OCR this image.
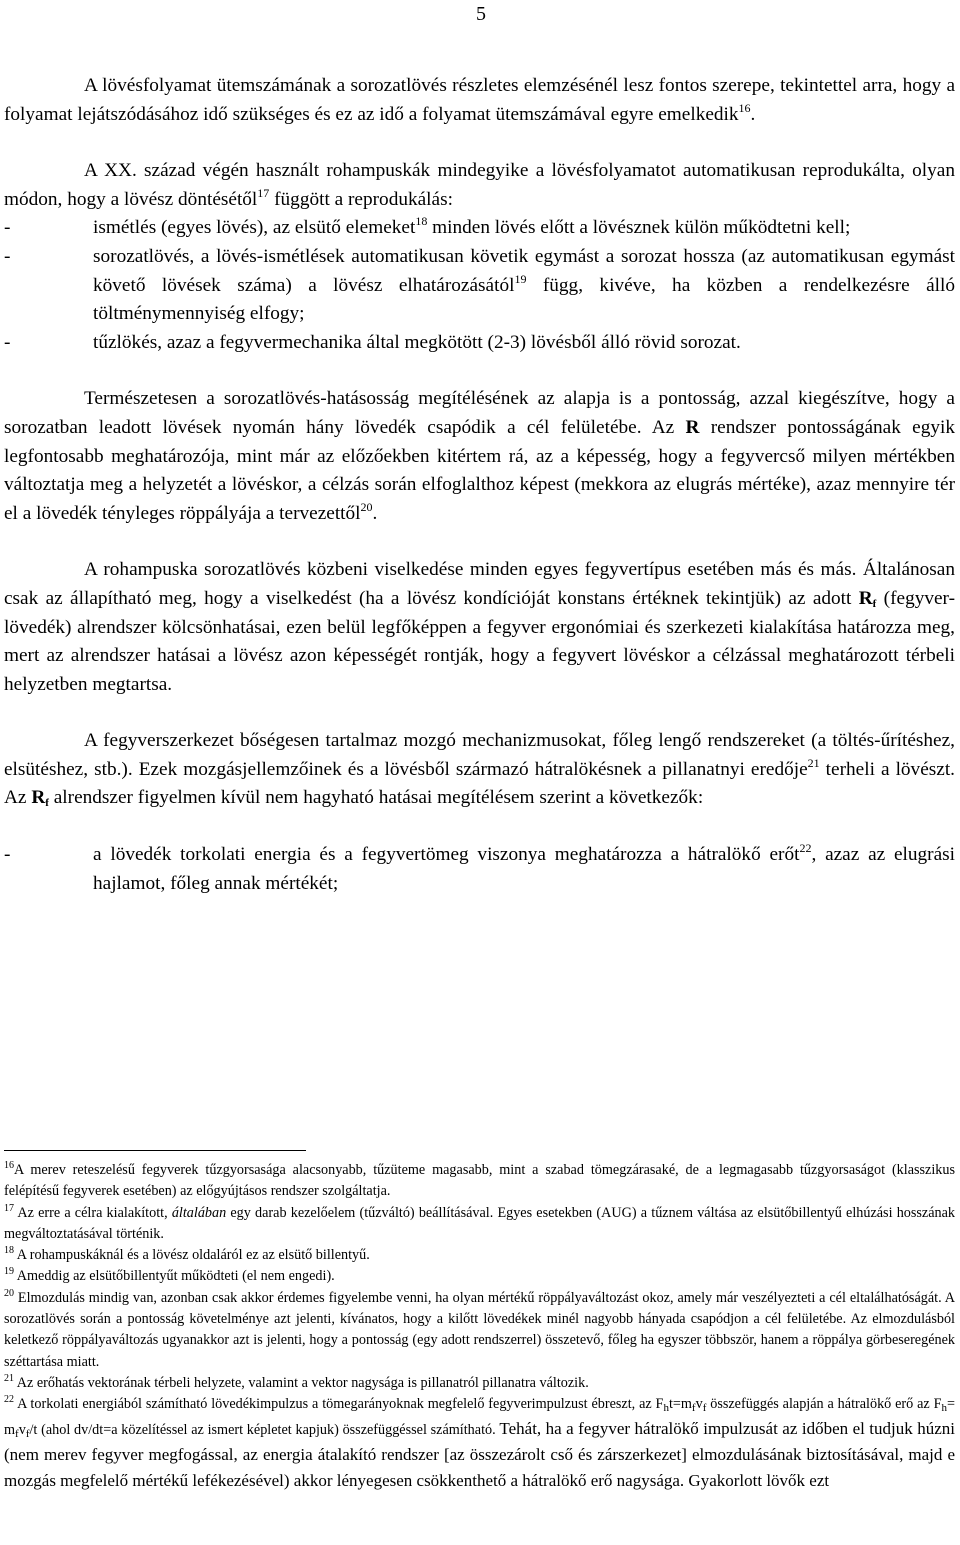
5

A lövésfolyamat ütemszámának a sorozatlövés részletes elemzésénél lesz fontos szerepe, tekintettel arra, hogy a folyamat lejátszódásához idő szükséges és ez az idő a folyamat ütemszámával egyre emelkedik$^{16}$.

A XX. század végén használt rohampuskák mindegyike a lövésfolyamatot automatikusan reprodukálta, olyan módon, hogy a lövész döntésétől$^{17}$ függött a reprodukálás:

-	ismétlés (egyes lövés), az elsütő elemeket$^{18}$ minden lövés előtt a lövésznek külön működtetni kell;
-	sorozatlövés, a lövés-ismétlések automatikusan követik egymást a sorozat hossza (az automatikusan egymást követő lövések száma) a lövész elhatározásától$^{19}$ függ, kivéve, ha közben a rendelkezésre álló töltménymennyiség elfogy;
-	tűzlökés, azaz a fegyvermechanika által megkötött (2-3) lövésből álló rövid sorozat.

Természetesen a sorozatlövés-hatásosság megítélésének az alapja is a pontosság, azzal kiegészítve, hogy a sorozatban leadott lövések nyomán hány lövedék csapódik a cél felületébe. Az R rendszer pontosságának egyik legfontosabb meghatározója, mint már az előzőekben kitértem rá, az a képesség, hogy a fegyvercső milyen mértékben változtatja meg a helyzetét a lövéskor, a célzás során elfoglalthoz képest (mekkora az elugrás mértéke), azaz mennyire tér el a lövedék tényleges röppályája a tervezettől$^{20}$.

A rohampuska sorozatlövés közbeni viselkedése minden egyes fegyvertípus esetében más és más. Általánosan csak az állapítható meg, hogy a viselkedést (ha a lövész kondícióját konstans értéknek tekintjük) az adott $R_f$ (fegyver-lövedék) alrendszer kölcsönhatásai, ezen belül legfőképpen a fegyver ergonómiai és szerkezeti kialakítása határozza meg, mert az alrendszer hatásai a lövész azon képességét rontják, hogy a fegyvert lövéskor a célzással meghatározott térbeli helyzetben megtartsa.

A fegyverszerkezet bőségesen tartalmaz mozgó mechanizmusokat, főleg lengő rendszereket (a töltés-űrítéshez, elsütéshez, stb.). Ezek mozgásjellemzőinek és a lövésből származó hátralökésnek a pillanatnyi eredője$^{21}$ terheli a lövészt. Az $R_f$ alrendszer figyelmen kívül nem hagyható hatásai megítélésem szerint a következők:

-	a lövedék torkolati energia és a fegyvertömeg viszonya meghatározza a hátralökő erőt$^{22}$, azaz az elugrási hajlamot, főleg annak mértékét;

$^{16}$A merev reteszelésű fegyverek tűzgyorsasága alacsonyabb, tűzüteme magasabb, mint a szabad tömegzárasaké, de a legmagasabb tűzgyorsaságot (klasszikus felépítésű fegyverek esetében) az előgyújtásos rendszer szolgáltatja.

$^{17}$ Az erre a célra kialakított, általában egy darab kezelőelem (tűzváltó) beállításával. Egyes esetekben (AUG) a tűznem váltása az elsütőbillentyű elhúzási hosszának megváltoztatásával történik.

$^{18}$ A rohampuskáknál és a lövész oldaláról ez az elsütő billentyű.

$^{19}$ Ameddig az elsütőbillentyűt működteti (el nem engedi).

$^{20}$ Elmozdulás mindig van, azonban csak akkor érdemes figyelembe venni, ha olyan mértékű röppályaváltozást okoz, amely már veszélyezteti a cél eltalálhatóságát. A sorozatlövés során a pontosság követelménye azt jelenti, kívánatos, hogy a kilőtt lövedékek minél nagyobb hányada csapódjon a cél felületébe. Az elmozdulásból keletkező röppályaváltozás ugyanakkor azt is jelenti, hogy a pontosság (egy adott rendszerrel) összetevő, főleg ha egyszer többször, hanem a röppálya görbeseregének széttartása miatt.

$^{21}$ Az erőhatás vektorának térbeli helyzete, valamint a vektor nagysága is pillanatról pillanatra változik.

$^{22}$ A torkolati energiából számítható lövedékimpulzus a tömegarányoknak megfelelő fegyverimpulzust ébreszt, az $F_ht=m_fv_f$ összefüggés alapján a hátralökő erő az $F_h= m_fv_f/t$ (ahol dv/dt=a közelítéssel az ismert képletet kapjuk) összefüggéssel számítható. Tehát, ha a fegyver hátralökő impulzusát az időben el tudjuk húzni (nem merev fegyver megfogással, az energia átalakító rendszer [az összezárolt cső és zárszerkezet] elmozdulásának biztosításával, majd e mozgás megfelelő mértékű lefékezésével) akkor lényegesen csökkenthető a hátralökő erő nagysága. Gyakorlott lövők ezt
